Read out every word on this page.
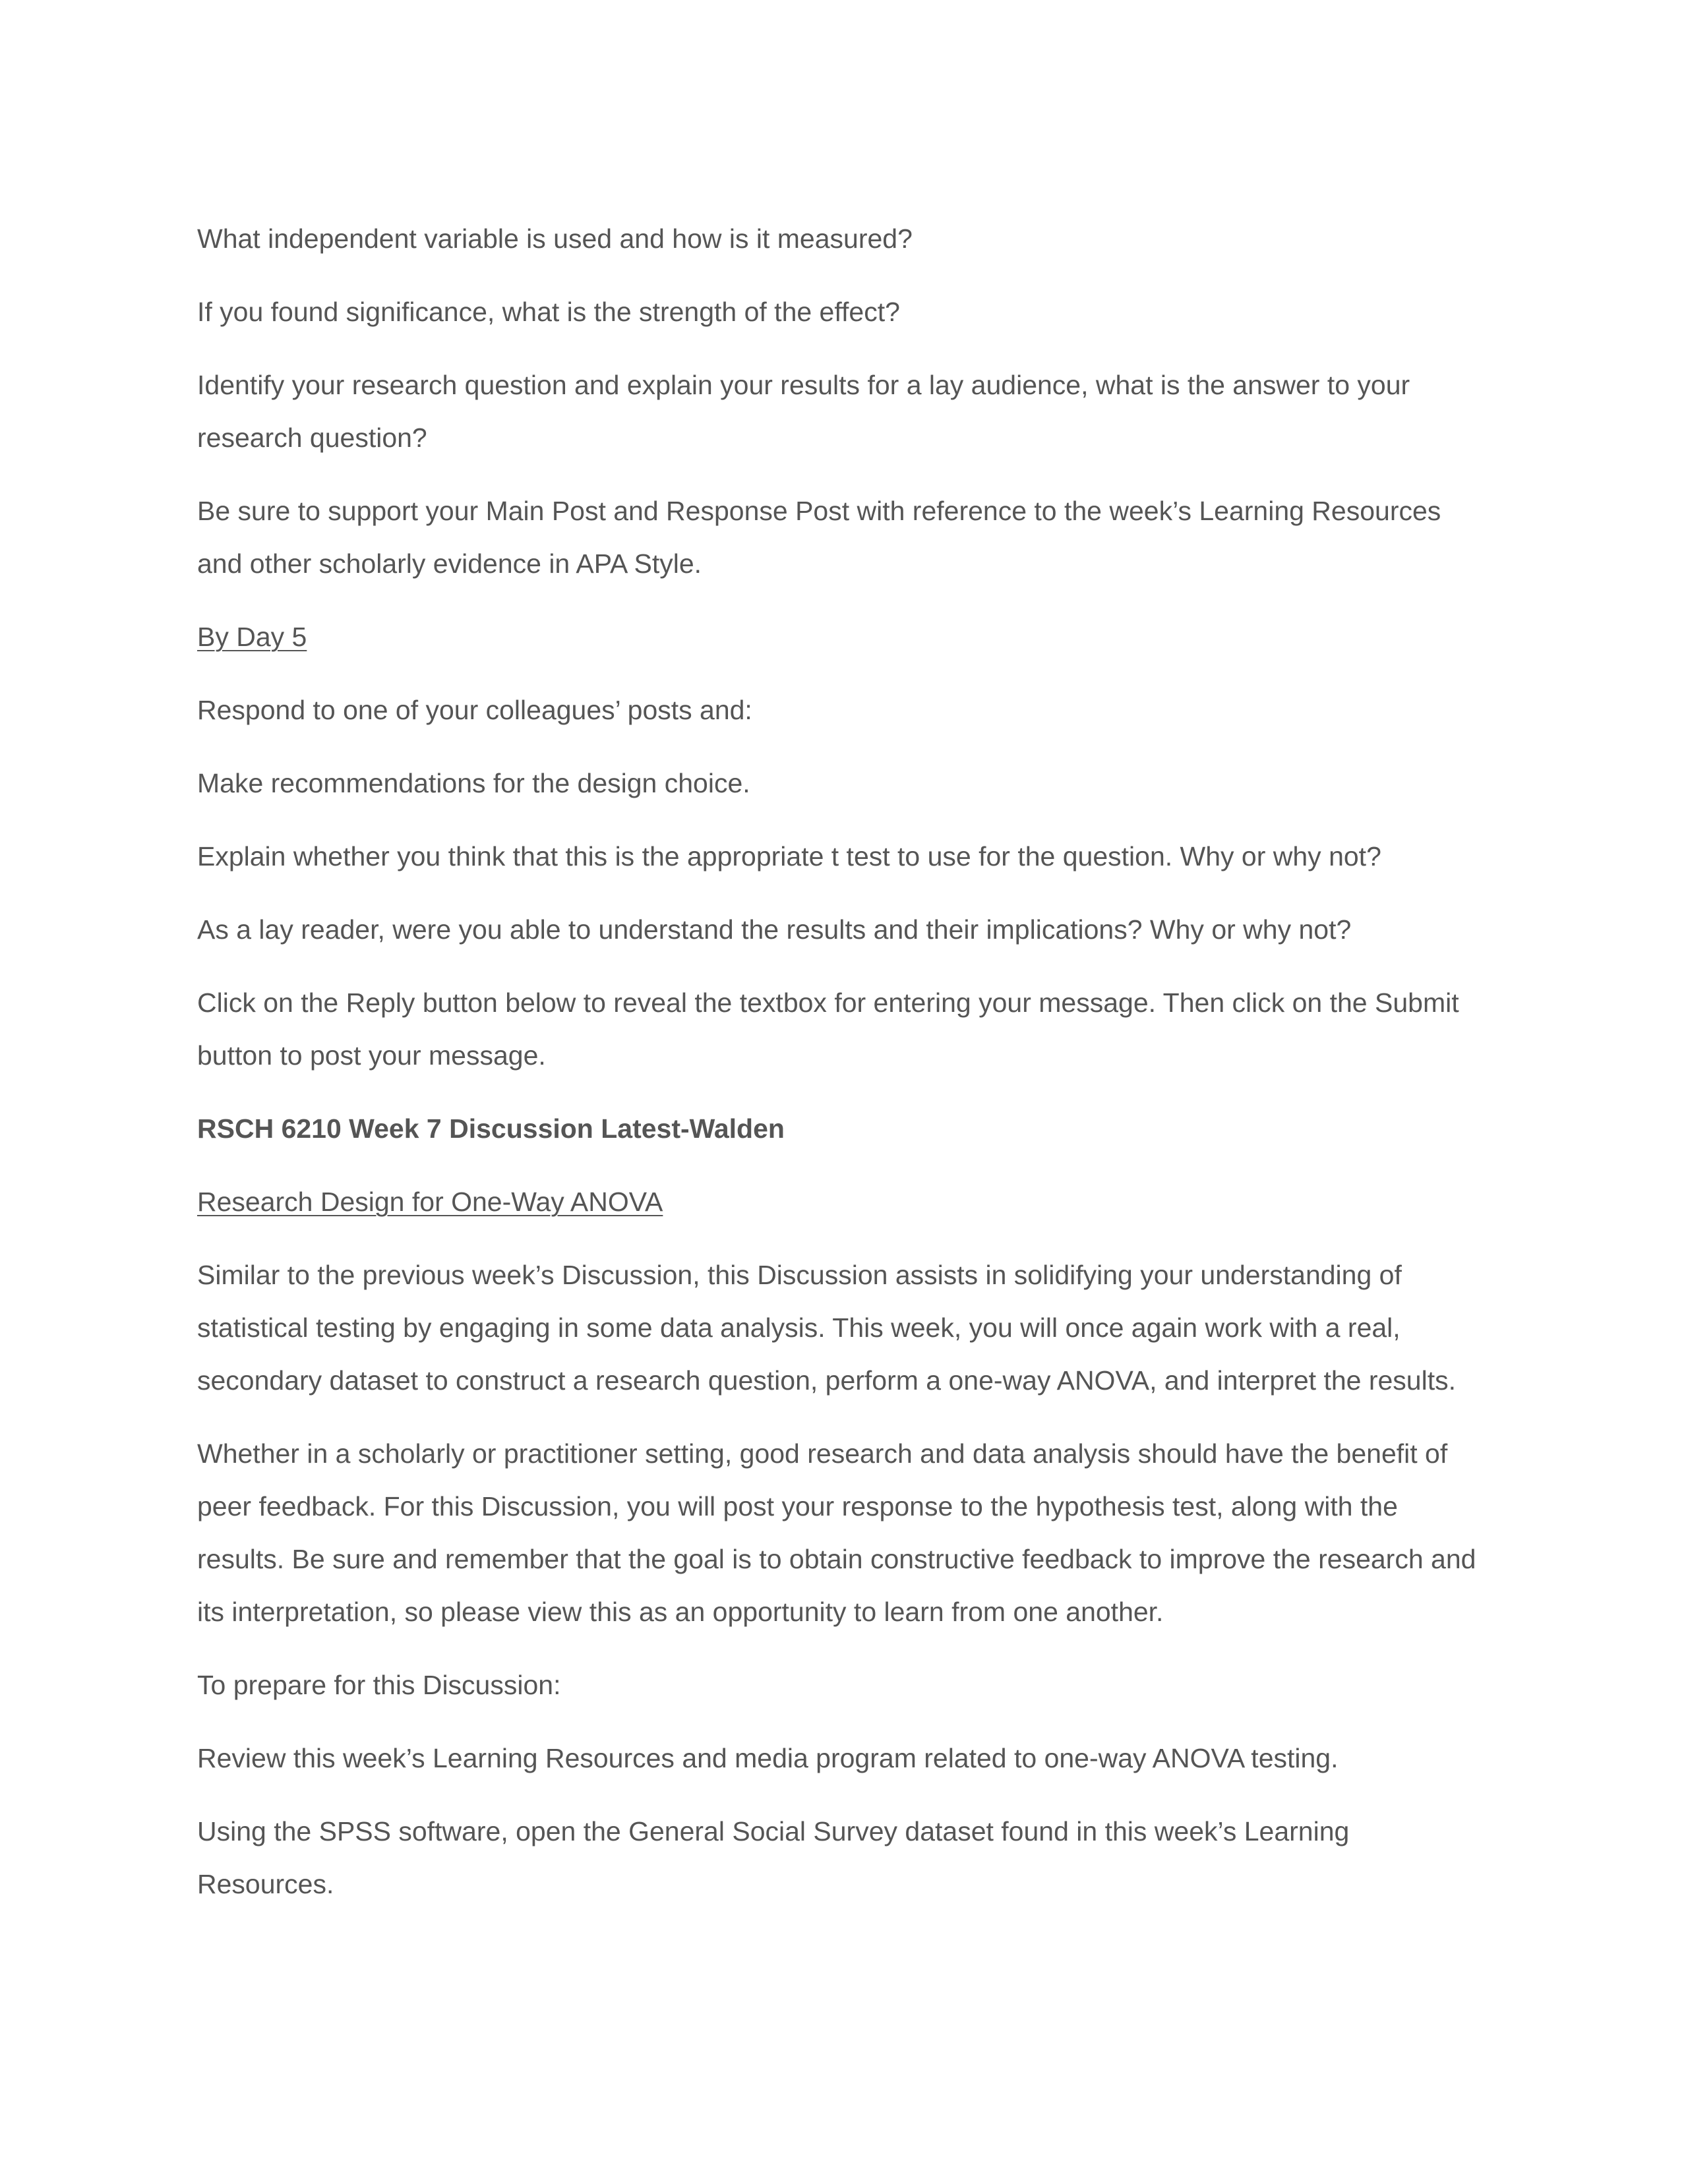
What independent variable is used and how is it measured?

If you found significance, what is the strength of the effect?

Identify your research question and explain your results for a lay audience, what is the answer to your research question?

Be sure to support your Main Post and Response Post with reference to the week’s Learning Resources and other scholarly evidence in APA Style.

By Day 5

Respond to one of your colleagues’ posts and:

Make recommendations for the design choice.

Explain whether you think that this is the appropriate t test to use for the question. Why or why not?

As a lay reader, were you able to understand the results and their implications? Why or why not?

Click on the Reply button below to reveal the textbox for entering your message. Then click on the Submit button to post your message.

RSCH 6210 Week 7 Discussion Latest-Walden

Research Design for One-Way ANOVA

Similar to the previous week’s Discussion, this Discussion assists in solidifying your understanding of statistical testing by engaging in some data analysis. This week, you will once again work with a real, secondary dataset to construct a research question, perform a one-way ANOVA, and interpret the results.

Whether in a scholarly or practitioner setting, good research and data analysis should have the benefit of peer feedback. For this Discussion, you will post your response to the hypothesis test, along with the results. Be sure and remember that the goal is to obtain constructive feedback to improve the research and its interpretation, so please view this as an opportunity to learn from one another.

To prepare for this Discussion:

Review this week’s Learning Resources and media program related to one-way ANOVA testing.

Using the SPSS software, open the General Social Survey dataset found in this week’s Learning Resources.
